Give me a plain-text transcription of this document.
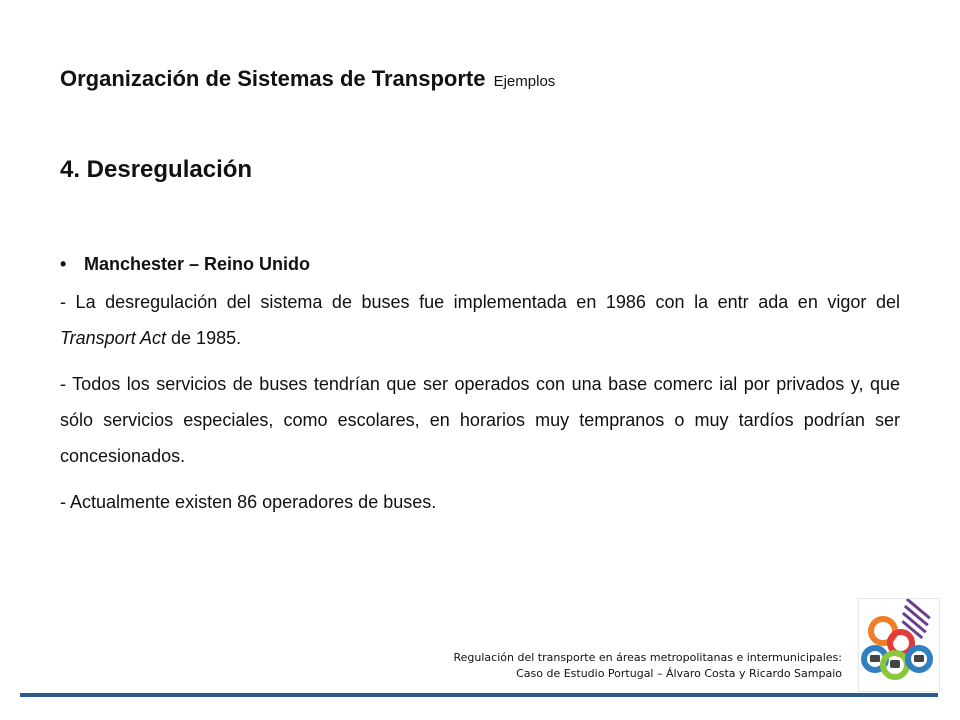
Organización de Sistemas de Transporte Ejemplos
4. Desregulación
• Manchester – Reino Unido

- La desregulación del sistema de buses fue implementada en 1986 con la entr ada en vigor del Transport Act de 1985.

- Todos los servicios de buses tendrían que ser operados con una base comerc ial por privados y, que sólo servicios especiales, como escolares, en horarios muy tempranos o muy tardíos podrían ser concesionados.

- Actualmente existen 86 operadores de buses.

Regulación del transporte en áreas metropolitanas e intermunicipales:
Caso de Estudio Portugal – Álvaro Costa y Ricardo Sampaio
